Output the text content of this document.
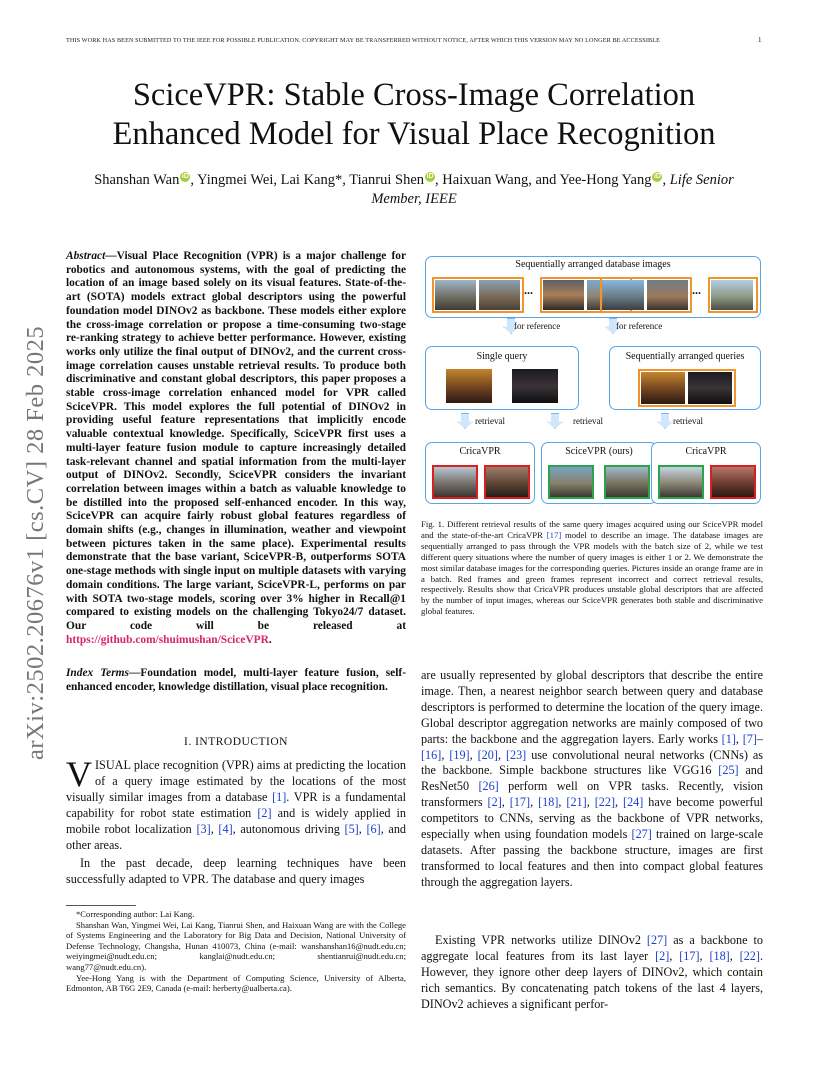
THIS WORK HAS BEEN SUBMITTED TO THE IEEE FOR POSSIBLE PUBLICATION. COPYRIGHT MAY BE TRANSFERRED WITHOUT NOTICE, AFTER WHICH THIS VERSION MAY NO LONGER BE ACCESSIBLE	1
arXiv:2502.20676v1 [cs.CV] 28 Feb 2025
SciceVPR: Stable Cross-Image Correlation
Enhanced Model for Visual Place Recognition
Shanshan Wan iD , Yingmei Wei, Lai Kang*, Tianrui Shen iD , Haixuan Wang, and Yee-Hong Yang iD , Life Senior
Member, IEEE
Abstract—Visual Place Recognition (VPR) is a major challenge for robotics and autonomous systems, with the goal of predicting the location of an image based solely on its visual features. State-of-the-art (SOTA) models extract global descriptors using the powerful foundation model DINOv2 as backbone. These models either explore the cross-image correlation or propose a time-consuming two-stage re-ranking strategy to achieve better performance. However, existing works only utilize the final output of DINOv2, and the current cross-image correlation causes unstable retrieval results. To produce both discriminative and constant global descriptors, this paper proposes a stable cross-image correlation enhanced model for VPR called SciceVPR. This model explores the full potential of DINOv2 in providing useful feature representations that implicitly encode valuable contextual knowledge. Specifically, SciceVPR first uses a multi-layer feature fusion module to capture increasingly detailed task-relevant channel and spatial information from the multi-layer output of DINOv2. Secondly, SciceVPR considers the invariant correlation between images within a batch as valuable knowledge to be distilled into the proposed self-enhanced encoder. In this way, SciceVPR can acquire fairly robust global features regardless of domain shifts (e.g., changes in illumination, weather and viewpoint between pictures taken in the same place). Experimental results demonstrate that the base variant, SciceVPR-B, outperforms SOTA one-stage methods with single input on multiple datasets with varying domain conditions. The large variant, SciceVPR-L, performs on par with SOTA two-stage models, scoring over 3% higher in Recall@1 compared to existing models on the challenging Tokyo24/7 dataset. Our code will be released at https://github.com/shuimushan/SciceVPR.
Index Terms—Foundation model, multi-layer feature fusion, self-enhanced encoder, knowledge distillation, visual place recognition.
I. INTRODUCTION
VISUAL place recognition (VPR) aims at predicting the location of a query image estimated by the locations of the most visually similar images from a database [1]. VPR is a fundamental capability for robot state estimation [2] and is widely applied in mobile robot localization [3], [4], autonomous driving [5], [6], and other areas.
In the past decade, deep learning techniques have been successfully adapted to VPR. The database and query images
*Corresponding author: Lai Kang.
Shanshan Wan, Yingmei Wei, Lai Kang, Tianrui Shen, and Haixuan Wang are with the College of Systems Engineering and the Laboratory for Big Data and Decision, National University of Defense Technology, Changsha, Hunan 410073, China (e-mail: wanshanshan16@nudt.edu.cn; weiyingmei@nudt.edu.cn; kanglai@nudt.edu.cn; shentianrui@nudt.edu.cn; wang77@nudt.edu.cn).
Yee-Hong Yang is with the Department of Computing Science, University of Alberta, Edmonton, AB T6G 2E9, Canada (e-mail: herberty@ualberta.ca).
Sequentially arranged database images
...	...
for reference	for reference
Single query	Sequentially arranged queries
retrieval	retrieval	retrieval
CricaVPR	SciceVPR (ours)	CricaVPR
Fig. 1. Different retrieval results of the same query images acquired using our SciceVPR model and the state-of-the-art CricaVPR [17] model to describe an image. The database images are sequentially arranged to pass through the VPR models with the batch size of 2, while we test different query situations where the number of query images is either 1 or 2. We demonstrate the most similar database images for the corresponding queries. Pictures inside an orange frame are in a batch. Red frames and green frames represent incorrect and correct retrieval results, respectively. Results show that CricaVPR produces unstable global descriptors that are affected by the number of input images, whereas our SciceVPR generates both stable and discriminative global features.
are usually represented by global descriptors that describe the entire image. Then, a nearest neighbor search between query and database descriptors is performed to determine the location of the query image. Global descriptor aggregation networks are mainly composed of two parts: the backbone and the aggregation layers. Early works [1], [7]–[16], [19], [20], [23] use convolutional neural networks (CNNs) as the backbone. Simple backbone structures like VGG16 [25] and ResNet50 [26] perform well on VPR tasks. Recently, vision transformers [2], [17], [18], [21], [22], [24] have become powerful competitors to CNNs, serving as the backbone of VPR networks, especially when using foundation models [27] trained on large-scale datasets. After passing the backbone structure, images are first transformed to local features and then into compact global features through the aggregation layers.
Existing VPR networks utilize DINOv2 [27] as a backbone to aggregate local features from its last layer [2], [17], [18], [22]. However, they ignore other deep layers of DINOv2, which contain rich semantics. By concatenating patch tokens of the last 4 layers, DINOv2 achieves a significant perfor-
